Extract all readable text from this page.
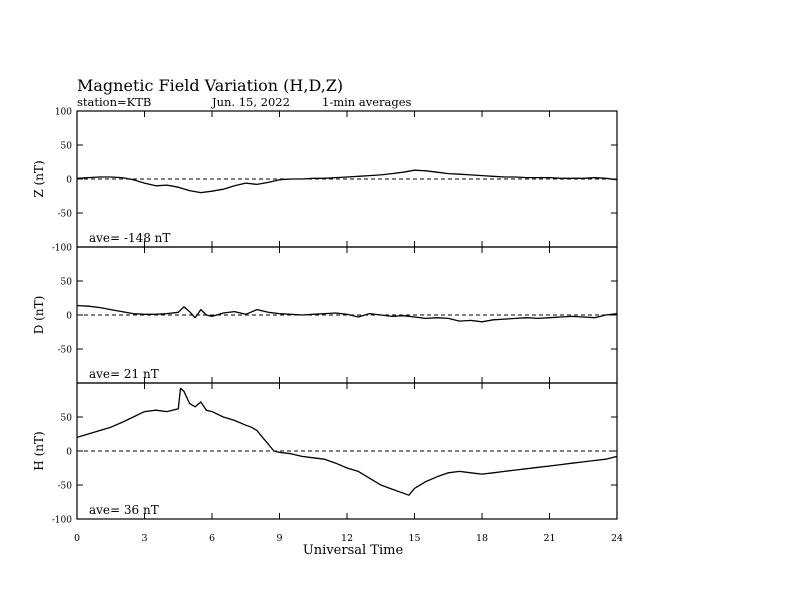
Magnetic Field Variation (H,D,Z)
station=KTB	Jun. 15, 2022	1-min averages
100
50
0
-50
-100
Z (nT)
ave= -148 nT
50
0
-50
D (nT)
ave= 21 nT
50
0
-50
-100
H (nT)
ave= 36 nT
Universal Time
0	3	6	9	12	15	18	21	24
